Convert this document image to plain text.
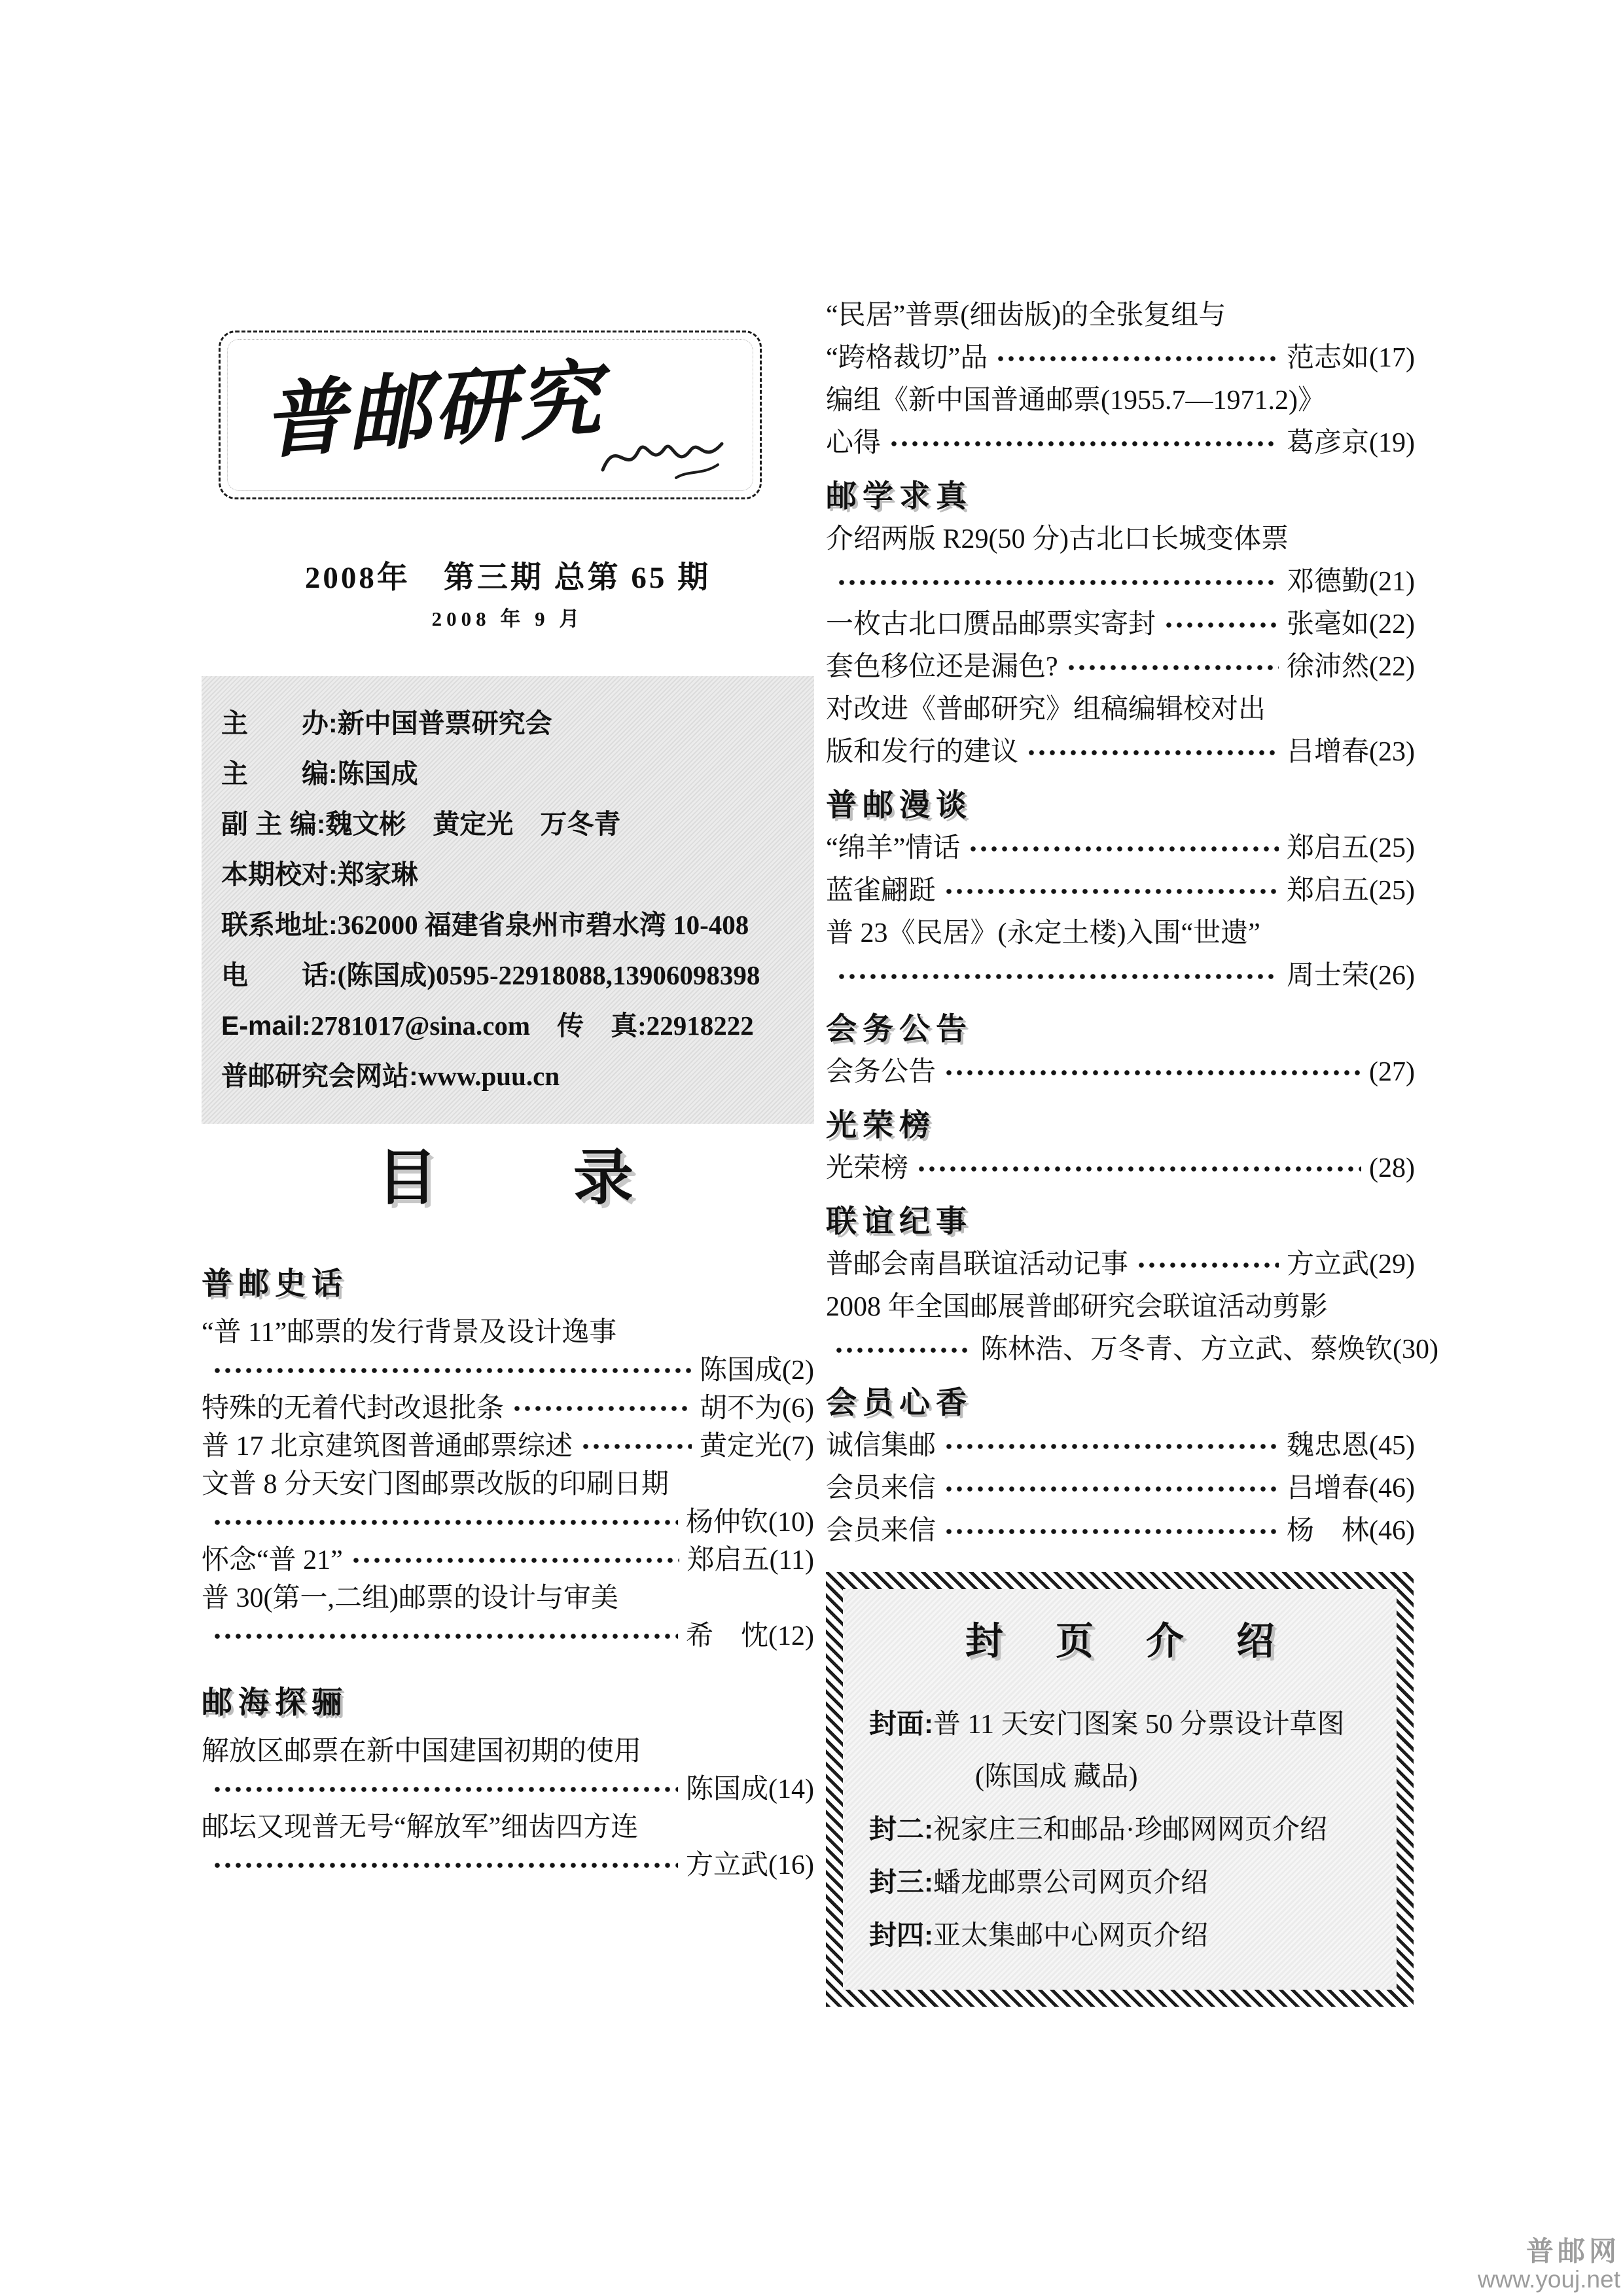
普邮研究
2008年　第三期 总第 65 期
2008 年 9 月
主　　办: 新中国普票研究会
主　　编: 陈国成
副 主 编: 魏文彬　黄定光　万冬青
本期校对: 郑家琳
联系地址: 362000 福建省泉州市碧水湾 10-408
电　　话: (陈国成)0595-22918088,13906098398
E-mail: 2781017@sina.com　传　真:22918222
普邮研究会网站: www.puu.cn
目　　录
普邮史话
“普 11”邮票的发行背景及设计逸事
陈国成 (2)
特殊的无着代封改退批条	胡不为 (6)
普 17 北京建筑图普通邮票综述	黄定光 (7)
文普 8 分天安门图邮票改版的印刷日期
杨仲钦 (10)
怀念“普 21”	郑启五 (11)
普 30(第一,二组)邮票的设计与审美
希　忱 (12)
邮海探骊
解放区邮票在新中国建国初期的使用
陈国成 (14)
邮坛又现普无号“解放军”细齿四方连
方立武 (16)
“民居”普票(细齿版)的全张复组与
“跨格裁切”品	范志如 (17)
编组《新中国普通邮票(1955.7—1971.2)》
心得	葛彦京 (19)
邮学求真
介绍两版 R29(50 分)古北口长城变体票
邓德勤 (21)
一枚古北口赝品邮票实寄封	张毫如 (22)
套色移位还是漏色?	徐沛然 (22)
对改进《普邮研究》组稿编辑校对出
版和发行的建议	吕增春 (23)
普邮漫谈
“绵羊”情话	郑启五 (25)
蓝雀翩跹	郑启五 (25)
普 23《民居》(永定土楼)入围“世遗”
周士荣 (26)
会务公告
会务公告	(27)
光荣榜
光荣榜	(28)
联谊纪事
普邮会南昌联谊活动记事	方立武 (29)
2008 年全国邮展普邮研究会联谊活动剪影
陈林浩、万冬青、方立武、蔡焕钦(30)
会员心香
诚信集邮	魏忠恩 (45)
会员来信	吕增春 (46)
会员来信	杨　林 (46)
封 页 介 绍
封面: 普 11 天安门图案 50 分票设计草图
(陈国成 藏品)
封二: 祝家庄三和邮品·珍邮网网页介绍
封三: 蟠龙邮票公司网页介绍
封四: 亚太集邮中心网页介绍
普邮网
www.youj.net
